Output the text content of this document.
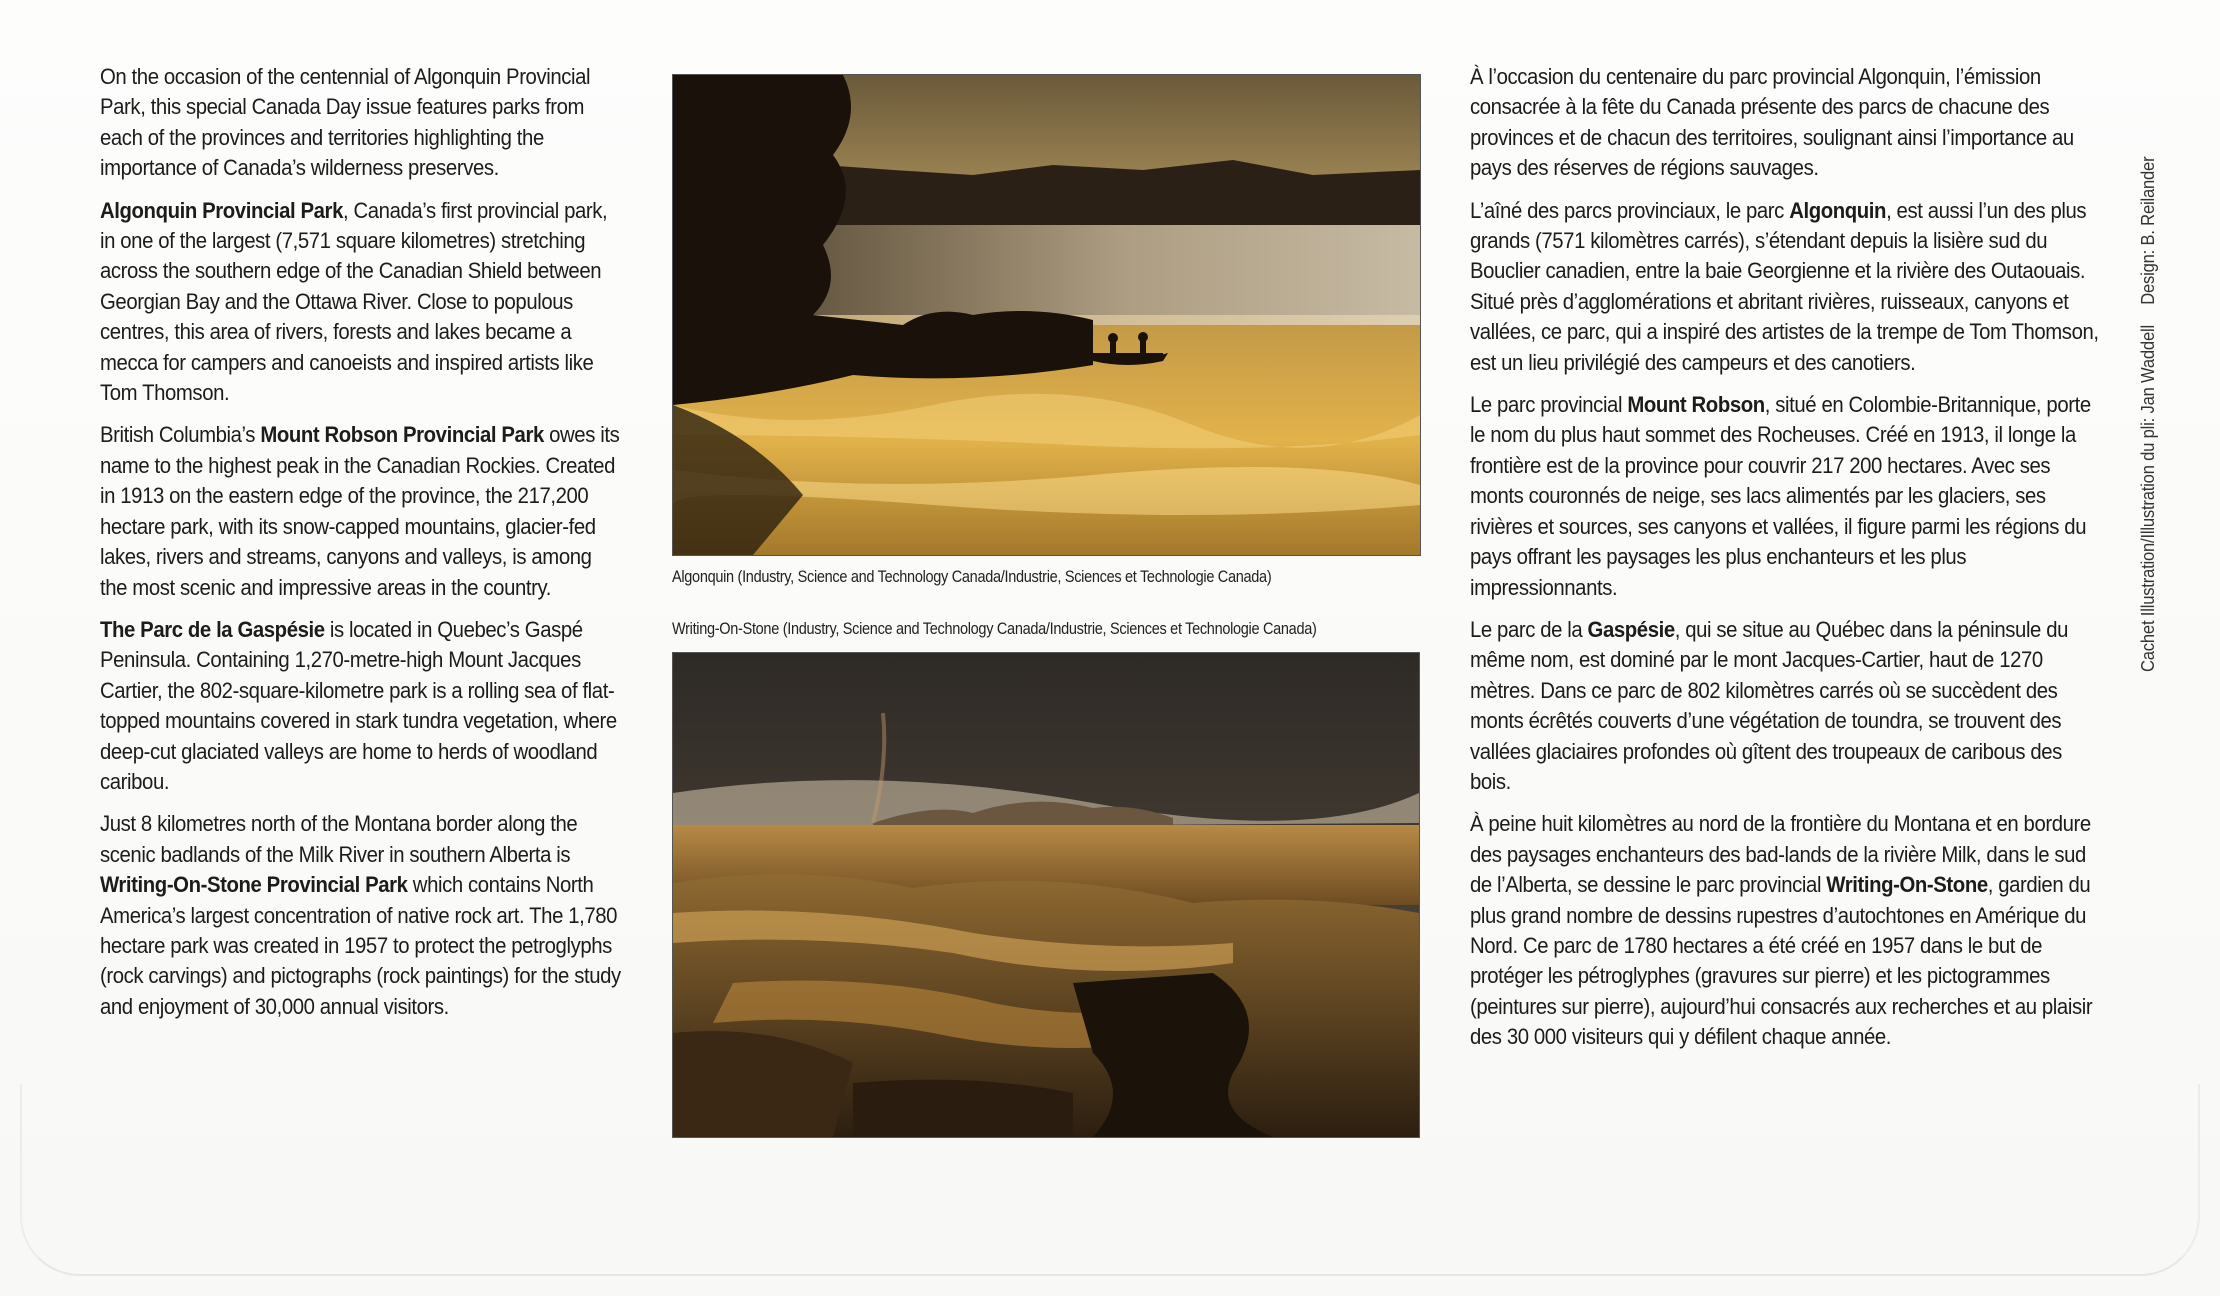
On the occasion of the centennial of Algonquin Provincial Park, this special Canada Day issue features parks from each of the provinces and territories highlighting the importance of Canada’s wilderness preserves.

Algonquin Provincial Park, Canada’s first provincial park, in one of the largest (7,571 square kilometres) stretching across the southern edge of the Canadian Shield between Georgian Bay and the Ottawa River. Close to populous centres, this area of rivers, forests and lakes became a mecca for campers and canoeists and inspired artists like Tom Thomson.

British Columbia’s Mount Robson Provincial Park owes its name to the highest peak in the Canadian Rockies. Created in 1913 on the eastern edge of the province, the 217,200 hectare park, with its snow-capped mountains, glacier-fed lakes, rivers and streams, canyons and valleys, is among the most scenic and impressive areas in the country.

The Parc de la Gaspésie is located in Quebec’s Gaspé Peninsula. Containing 1,270-metre-high Mount Jacques Cartier, the 802-square-kilometre park is a rolling sea of flat-topped mountains covered in stark tundra vegetation, where deep-cut glaciated valleys are home to herds of woodland caribou.

Just 8 kilometres north of the Montana border along the scenic badlands of the Milk River in southern Alberta is Writing-On-Stone Provincial Park which contains North America’s largest concentration of native rock art. The 1,780 hectare park was created in 1957 to protect the petroglyphs (rock carvings) and pictographs (rock paintings) for the study and enjoyment of 30,000 annual visitors.

Algonquin (Industry, Science and Technology Canada/Industrie, Sciences et Technologie Canada)
Writing-On-Stone (Industry, Science and Technology Canada/Industrie, Sciences et Technologie Canada)

À l’occasion du centenaire du parc provincial Algonquin, l’émission consacrée à la fête du Canada présente des parcs de chacune des provinces et de chacun des territoires, soulignant ainsi l’importance au pays des réserves de régions sauvages.

L’aîné des parcs provinciaux, le parc Algonquin, est aussi l’un des plus grands (7571 kilomètres carrés), s’étendant depuis la lisière sud du Bouclier canadien, entre la baie Georgienne et la rivière des Outaouais. Situé près d’agglomérations et abritant rivières, ruisseaux, canyons et vallées, ce parc, qui a inspiré des artistes de la trempe de Tom Thomson, est un lieu privilégié des campeurs et des canotiers.

Le parc provincial Mount Robson, situé en Colombie-Britannique, porte le nom du plus haut sommet des Rocheuses. Créé en 1913, il longe la frontière est de la province pour couvrir 217 200 hectares. Avec ses monts couronnés de neige, ses lacs alimentés par les glaciers, ses rivières et sources, ses canyons et vallées, il figure parmi les régions du pays offrant les paysages les plus enchanteurs et les plus impressionnants.

Le parc de la Gaspésie, qui se situe au Québec dans la péninsule du même nom, est dominé par le mont Jacques-Cartier, haut de 1270 mètres. Dans ce parc de 802 kilomètres carrés où se succèdent des monts écrêtés couverts d’une végétation de toundra, se trouvent des vallées glaciaires profondes où gîtent des troupeaux de caribous des bois.

À peine huit kilomètres au nord de la frontière du Montana et en bordure des paysages enchanteurs des bad-lands de la rivière Milk, dans le sud de l’Alberta, se dessine le parc provincial Writing-On-Stone, gardien du plus grand nombre de dessins rupestres d’autochtones en Amérique du Nord. Ce parc de 1780 hectares a été créé en 1957 dans le but de protéger les pétroglyphes (gravures sur pierre) et les pictogrammes (peintures sur pierre), aujourd’hui consacrés aux recherches et au plaisir des 30 000 visiteurs qui y défilent chaque année.

Cachet Illustration/Illustration du pli: Jan WaddellDesign: B. Reilander
